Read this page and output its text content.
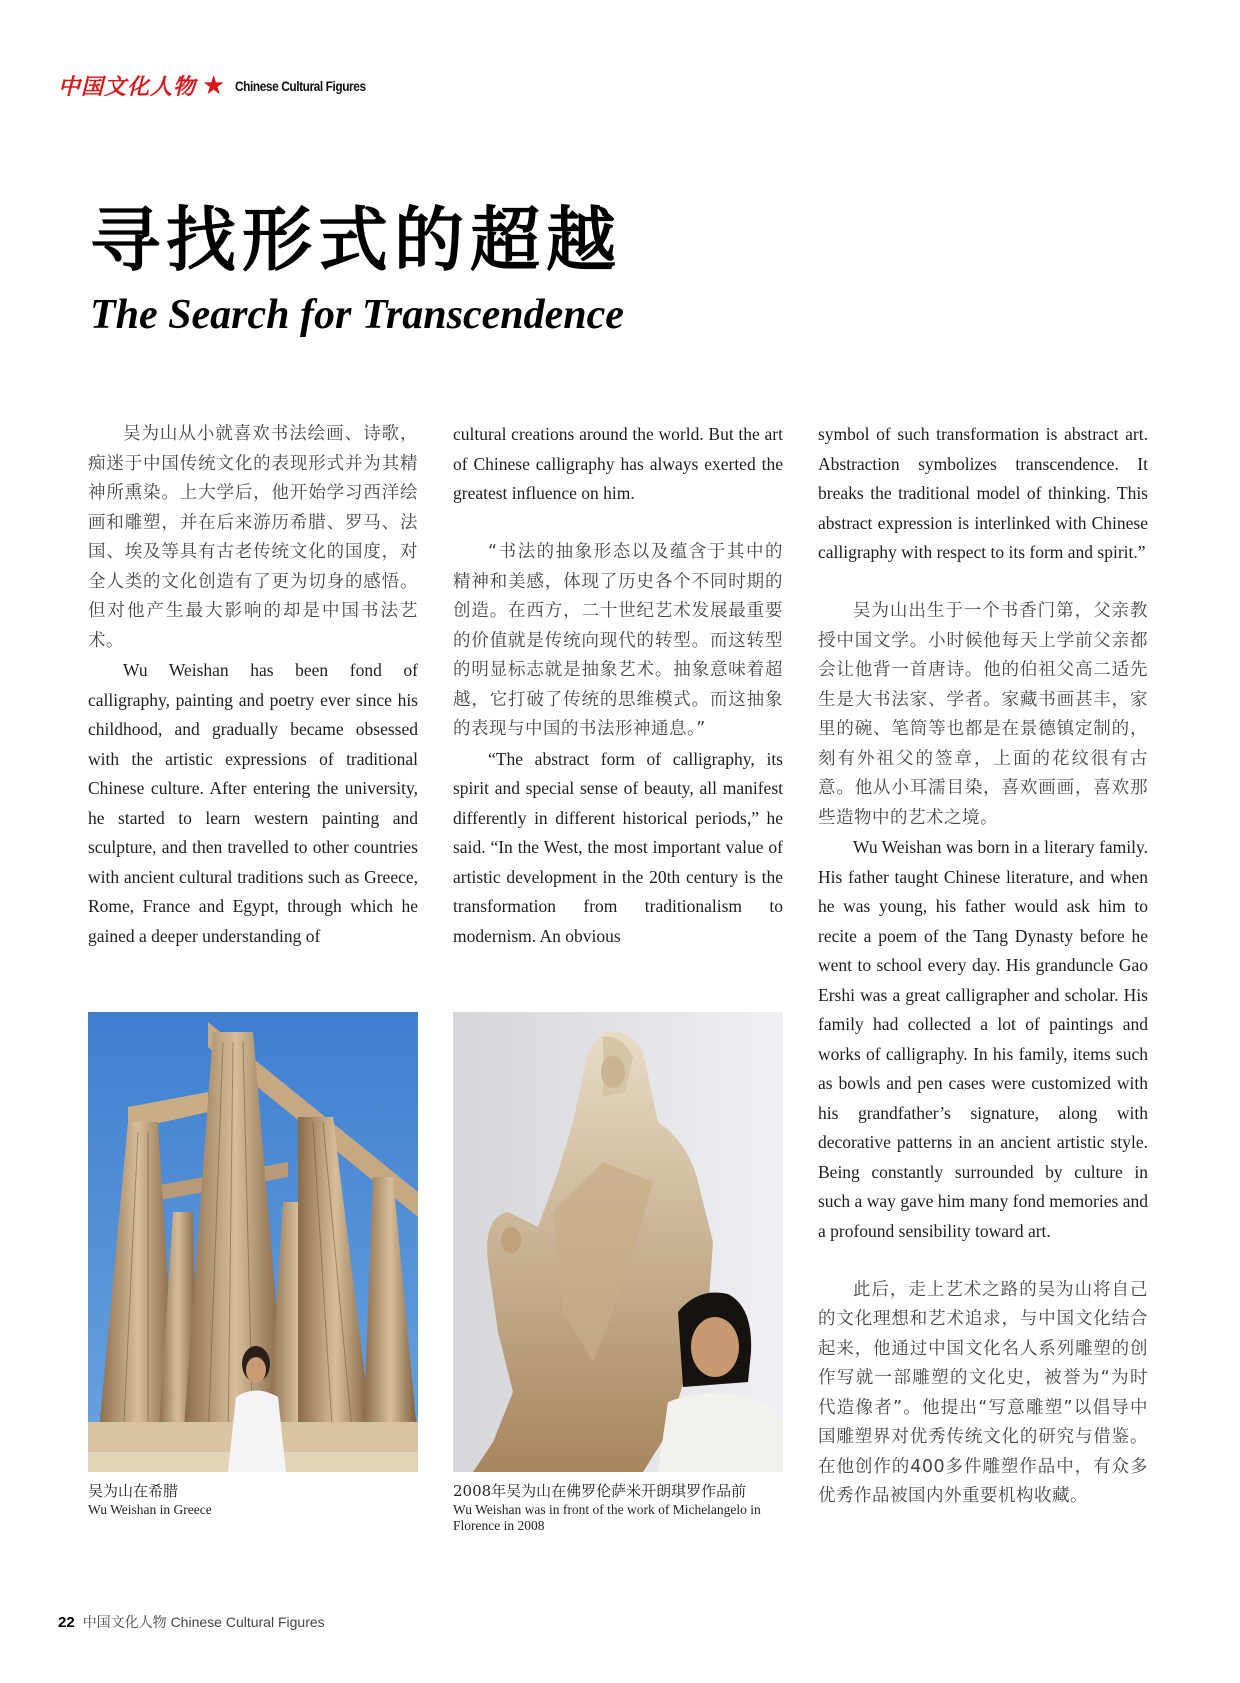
中国文化人物 ★ Chinese Cultural Figures
寻找形式的超越
The Search for Transcendence

吴为山从小就喜欢书法绘画、诗歌，痴迷于中国传统文化的表现形式并为其精神所熏染。上大学后，他开始学习西洋绘画和雕塑，并在后来游历希腊、罗马、法国、埃及等具有古老传统文化的国度，对全人类的文化创造有了更为切身的感悟。但对他产生最大影响的却是中国书法艺术。

Wu Weishan has been fond of calligraphy, painting and poetry ever since his childhood, and gradually became obsessed with the artistic expressions of traditional Chinese culture. After entering the university, he started to learn western painting and sculpture, and then travelled to other countries with ancient cultural traditions such as Greece, Rome, France and Egypt, through which he gained a deeper understanding of

cultural creations around the world. But the art of Chinese calligraphy has always exerted the greatest influence on him.

“书法的抽象形态以及蕴含于其中的精神和美感，体现了历史各个不同时期的创造。在西方，二十世纪艺术发展最重要的价值就是传统向现代的转型。而这转型的明显标志就是抽象艺术。抽象意味着超越，它打破了传统的思维模式。而这抽象的表现与中国的书法形神通息。”

“The abstract form of calligraphy, its spirit and special sense of beauty, all manifest differently in different historical periods,” he said. “In the West, the most important value of artistic development in the 20th century is the transformation from traditionalism to modernism. An obvious

symbol of such transformation is abstract art. Abstraction symbolizes transcendence. It breaks the traditional model of thinking. This abstract expression is interlinked with Chinese calligraphy with respect to its form and spirit.”

吴为山出生于一个书香门第，父亲教授中国文学。小时候他每天上学前父亲都会让他背一首唐诗。他的伯祖父高二适先生是大书法家、学者。家藏书画甚丰，家里的碗、笔筒等也都是在景德镇定制的，刻有外祖父的签章，上面的花纹很有古意。他从小耳濡目染，喜欢画画，喜欢那些造物中的艺术之境。

Wu Weishan was born in a literary family. His father taught Chinese literature, and when he was young, his father would ask him to recite a poem of the Tang Dynasty before he went to school every day. His granduncle Gao Ershi was a great calligrapher and scholar. His family had collected a lot of paintings and works of calligraphy. In his family, items such as bowls and pen cases were customized with his grandfather’s signature, along with decorative patterns in an ancient artistic style. Being constantly surrounded by culture in such a way gave him many fond memories and a profound sensibility toward art.

此后，走上艺术之路的吴为山将自己的文化理想和艺术追求，与中国文化结合起来，他通过中国文化名人系列雕塑的创作写就一部雕塑的文化史，被誉为“为时代造像者”。他提出“写意雕塑”以倡导中国雕塑界对优秀传统文化的研究与借鉴。在他创作的400多件雕塑作品中，有众多优秀作品被国内外重要机构收藏。

吴为山在希腊
Wu Weishan in Greece
2008年吴为山在佛罗伦萨米开朗琪罗作品前
Wu Weishan was in front of the work of Michelangelo in Florence in 2008
22 中国文化人物 Chinese Cultural Figures
